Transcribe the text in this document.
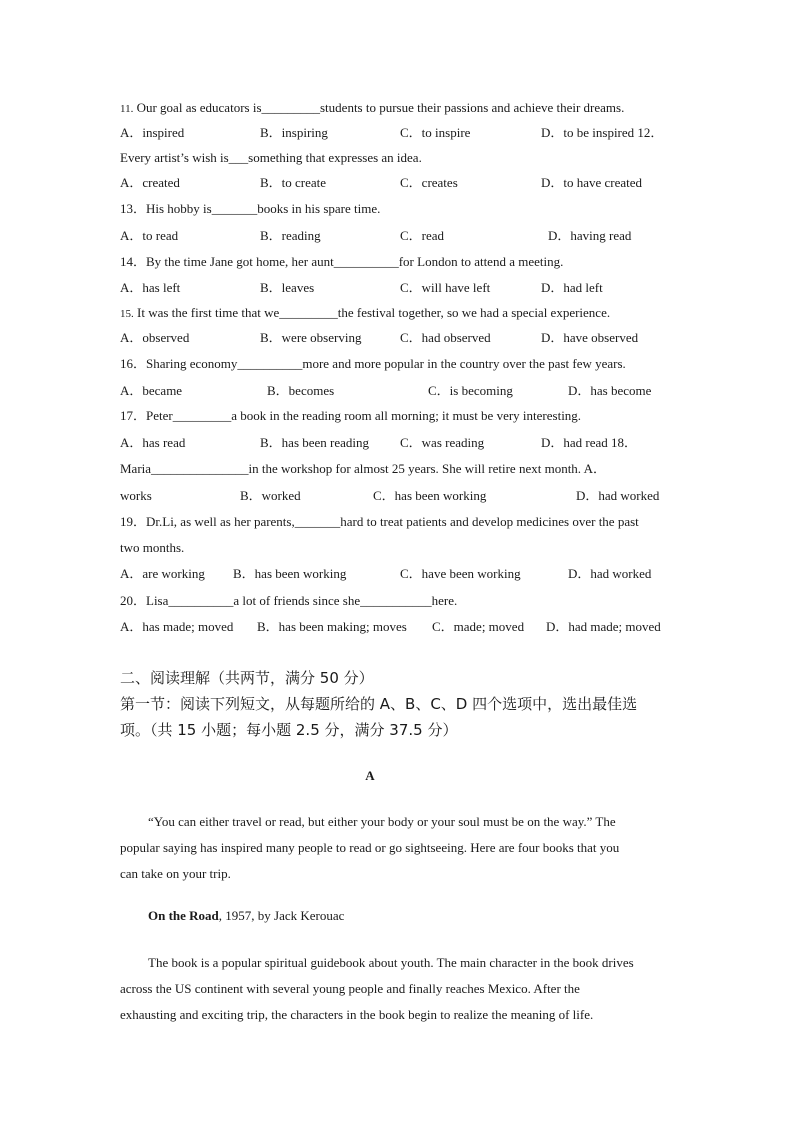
11. Our goal as educators is_________students to pursue their passions and achieve their dreams.
A．inspired	B．inspiring	C．to inspire	D．to be inspired 12．
Every artist’s wish is___something that expresses an idea.
A．created	B．to create	C．creates	D．to have created
13．His hobby is_______books in his spare time.
A．to read	B．reading	C．read	D．having read
14．By the time Jane got home, her aunt__________for London to attend a meeting.
A．has left	B．leaves	C．will have left	D．had left
15. It was the first time that we_________the festival together, so we had a special experience.
A．observed	B．were observing	C．had observed	D．have observed
16．Sharing economy__________more and more popular in the country over the past few years.
A．became	B．becomes	C．is becoming	D．has become
17．Peter_________a book in the reading room all morning; it must be very interesting.
A．has read	B．has been reading C．was reading	D．had read 18．
Maria_______________in the workshop for almost 25 years. She will retire next month. A．
works	B．worked	C．has been working	D．had worked
19．Dr.Li, as well as her parents,_______hard to treat patients and develop medicines over the past
two months.
A．are working B．has been working	C．have been working	D．had worked
20．Lisa__________a lot of friends since she___________here.
A．has made; moved B．has been making; moves C．made; moved D．had made; moved
二、阅读理解（共两节，满分 50 分）
第一节：阅读下列短文，从每题所给的 A、B、C、D 四个选项中，选出最佳选
项。（共 15 小题；每小题 2.5 分，满分 37.5 分）
A
“You can either travel or read, but either your body or your soul must be on the way.” The
popular saying has inspired many people to read or go sightseeing. Here are four books that you
can take on your trip.
On the Road, 1957, by Jack Kerouac
The book is a popular spiritual guidebook about youth. The main character in the book drives
across the US continent with several young people and finally reaches Mexico. After the
exhausting and exciting trip, the characters in the book begin to realize the meaning of life.
